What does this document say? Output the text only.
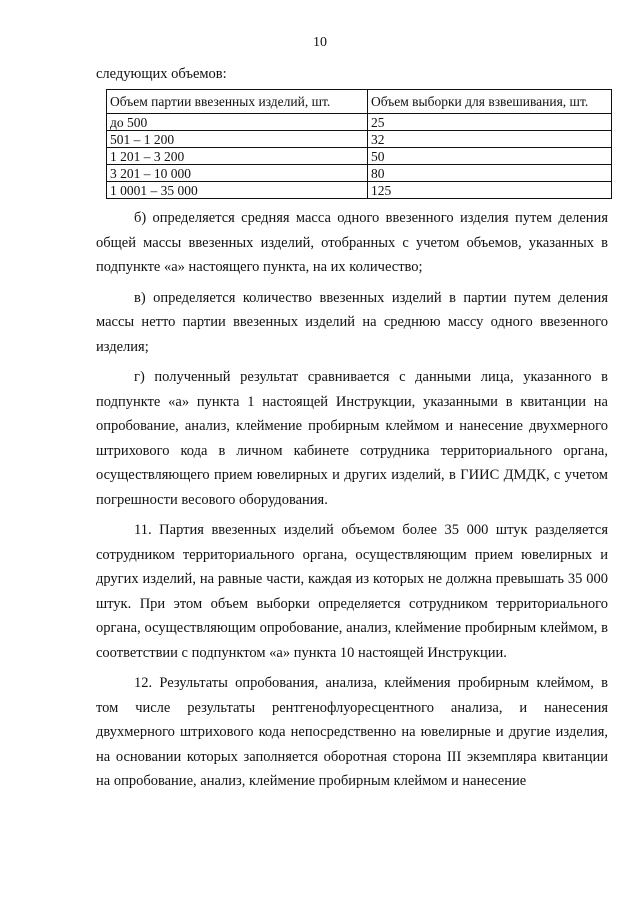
10
следующих объемов:
Объем партии ввезенных изделий, шт.	Объем выборки для взвешивания, шт.
до 500	25
501 – 1 200	32
1 201 – 3 200	50
3 201 – 10 000	80
1 0001 – 35 000	125

б) определяется средняя масса одного ввезенного изделия путем деления общей массы ввезенных изделий, отобранных с учетом объемов, указанных в подпункте «а» настоящего пункта, на их количество;

в) определяется количество ввезенных изделий в партии путем деления массы нетто партии ввезенных изделий на среднюю массу одного ввезенного изделия;

г) полученный результат сравнивается с данными лица, указанного в подпункте «а» пункта 1 настоящей Инструкции, указанными в квитанции на опробование, анализ, клеймение пробирным клеймом и нанесение двухмерного штрихового кода в личном кабинете сотрудника территориального органа, осуществляющего прием ювелирных и других изделий, в ГИИС ДМДК, с учетом погрешности весового оборудования.

11. Партия ввезенных изделий объемом более 35 000 штук разделяется сотрудником территориального органа, осуществляющим прием ювелирных и других изделий, на равные части, каждая из которых не должна превышать 35 000 штук. При этом объем выборки определяется сотрудником территориального органа, осуществляющим опробование, анализ, клеймение пробирным клеймом, в соответствии с подпунктом «а» пункта 10 настоящей Инструкции.

12. Результаты опробования, анализа, клеймения пробирным клеймом, в том числе результаты рентгенофлуоресцентного анализа, и нанесения двухмерного штрихового кода непосредственно на ювелирные и другие изделия, на основании которых заполняется оборотная сторона III экземпляра квитанции на опробование, анализ, клеймение пробирным клеймом и нанесение
